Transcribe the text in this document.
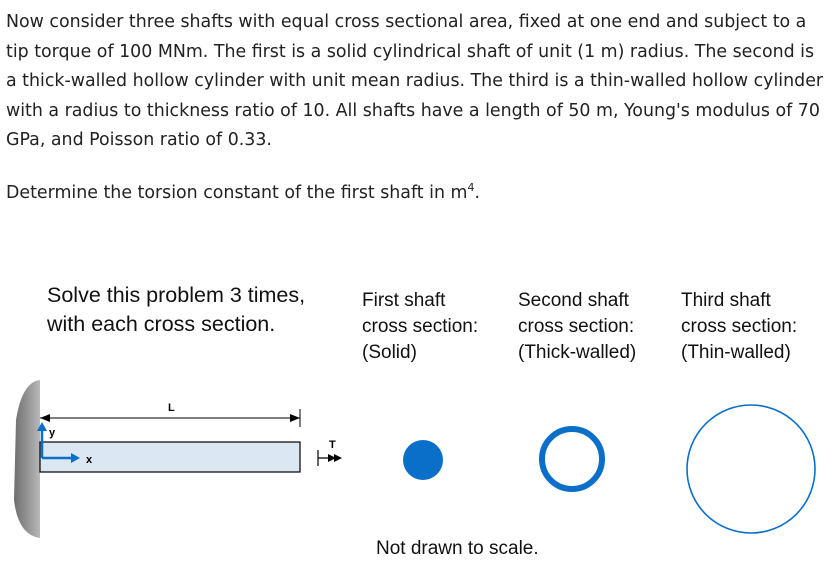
Now consider three shafts with equal cross sectional area, fixed at one end and subject to a tip torque of 100 MNm. The first is a solid cylindrical shaft of unit (1 m) radius. The second is a thick-walled hollow cylinder with unit mean radius. The third is a thin-walled hollow cylinder with a radius to thickness ratio of 10. All shafts have a length of 50 m, Young's modulus of 70 GPa, and Poisson ratio of 0.33.

Determine the torsion constant of the first shaft in $m^4$.
Solve this problem 3 times, with each cross section.
First shaft
cross section:
(Solid)
Second shaft
cross section:
(Thick-walled)
Third shaft
cross section:
(Thin-walled)
L
y
x
T
Not drawn to scale.
